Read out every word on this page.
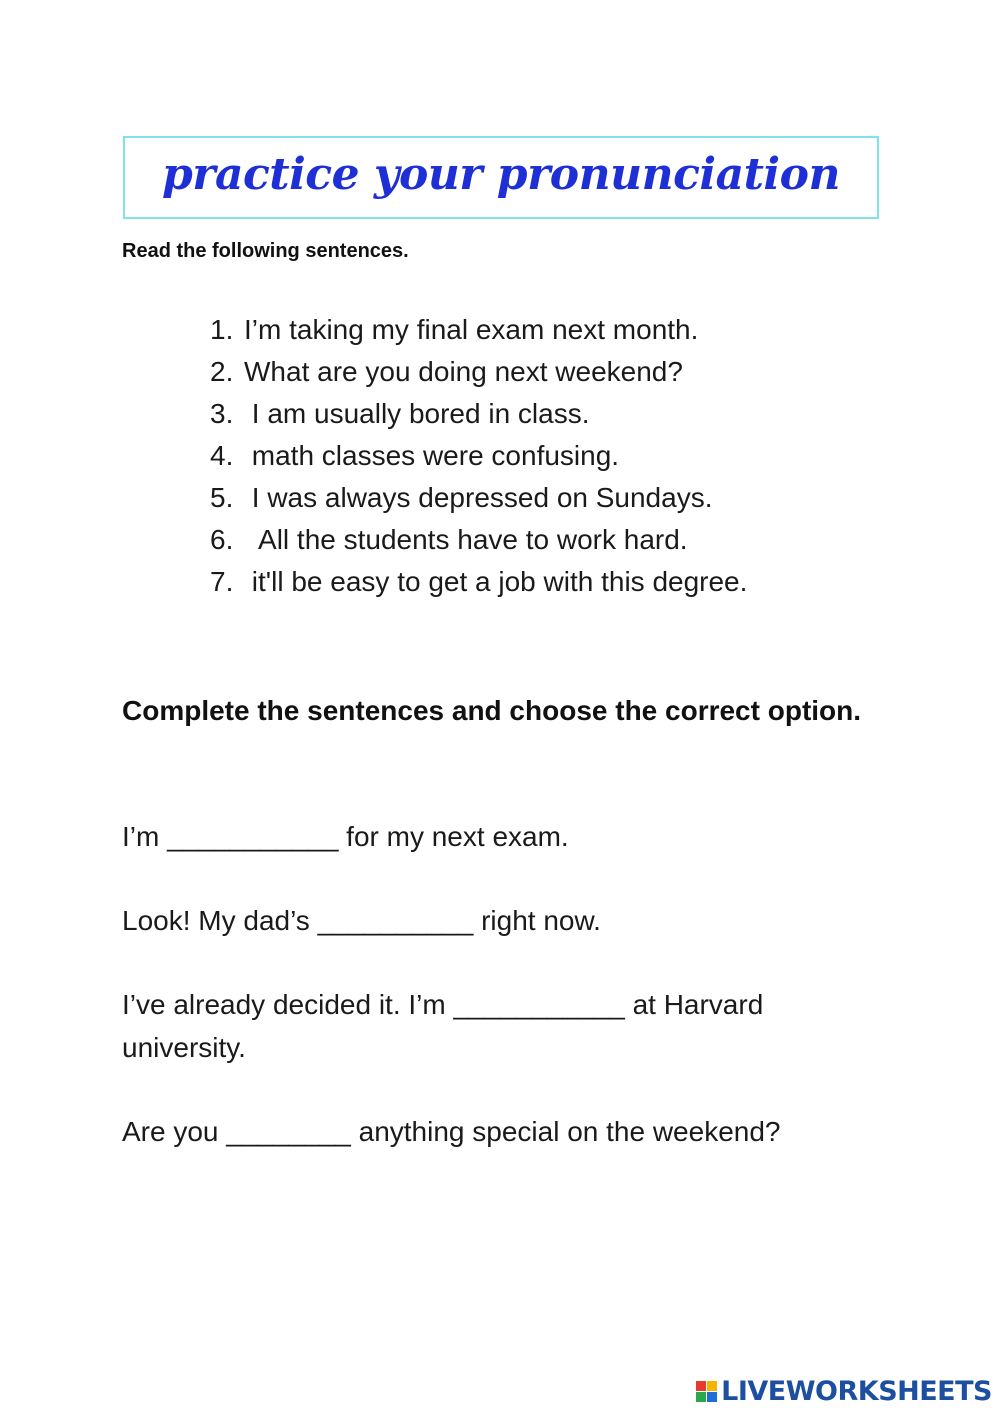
practice your pronunciation
Read the following sentences.
1. I’m taking my final exam next month.
2. What are you doing next weekend?
3. I am usually bored in class.
4. math classes were confusing.
5. I was always depressed on Sundays.
6.  All the students have to work hard.
7. it'll be easy to get a job with this degree.
Complete the sentences and choose the correct option.
I’m ___________ for my next exam.
Look! My dad’s __________ right now.
I’ve already decided it. I’m ___________ at Harvard university.
Are you ________ anything special on the weekend?
LIVEWORKSHEETS
